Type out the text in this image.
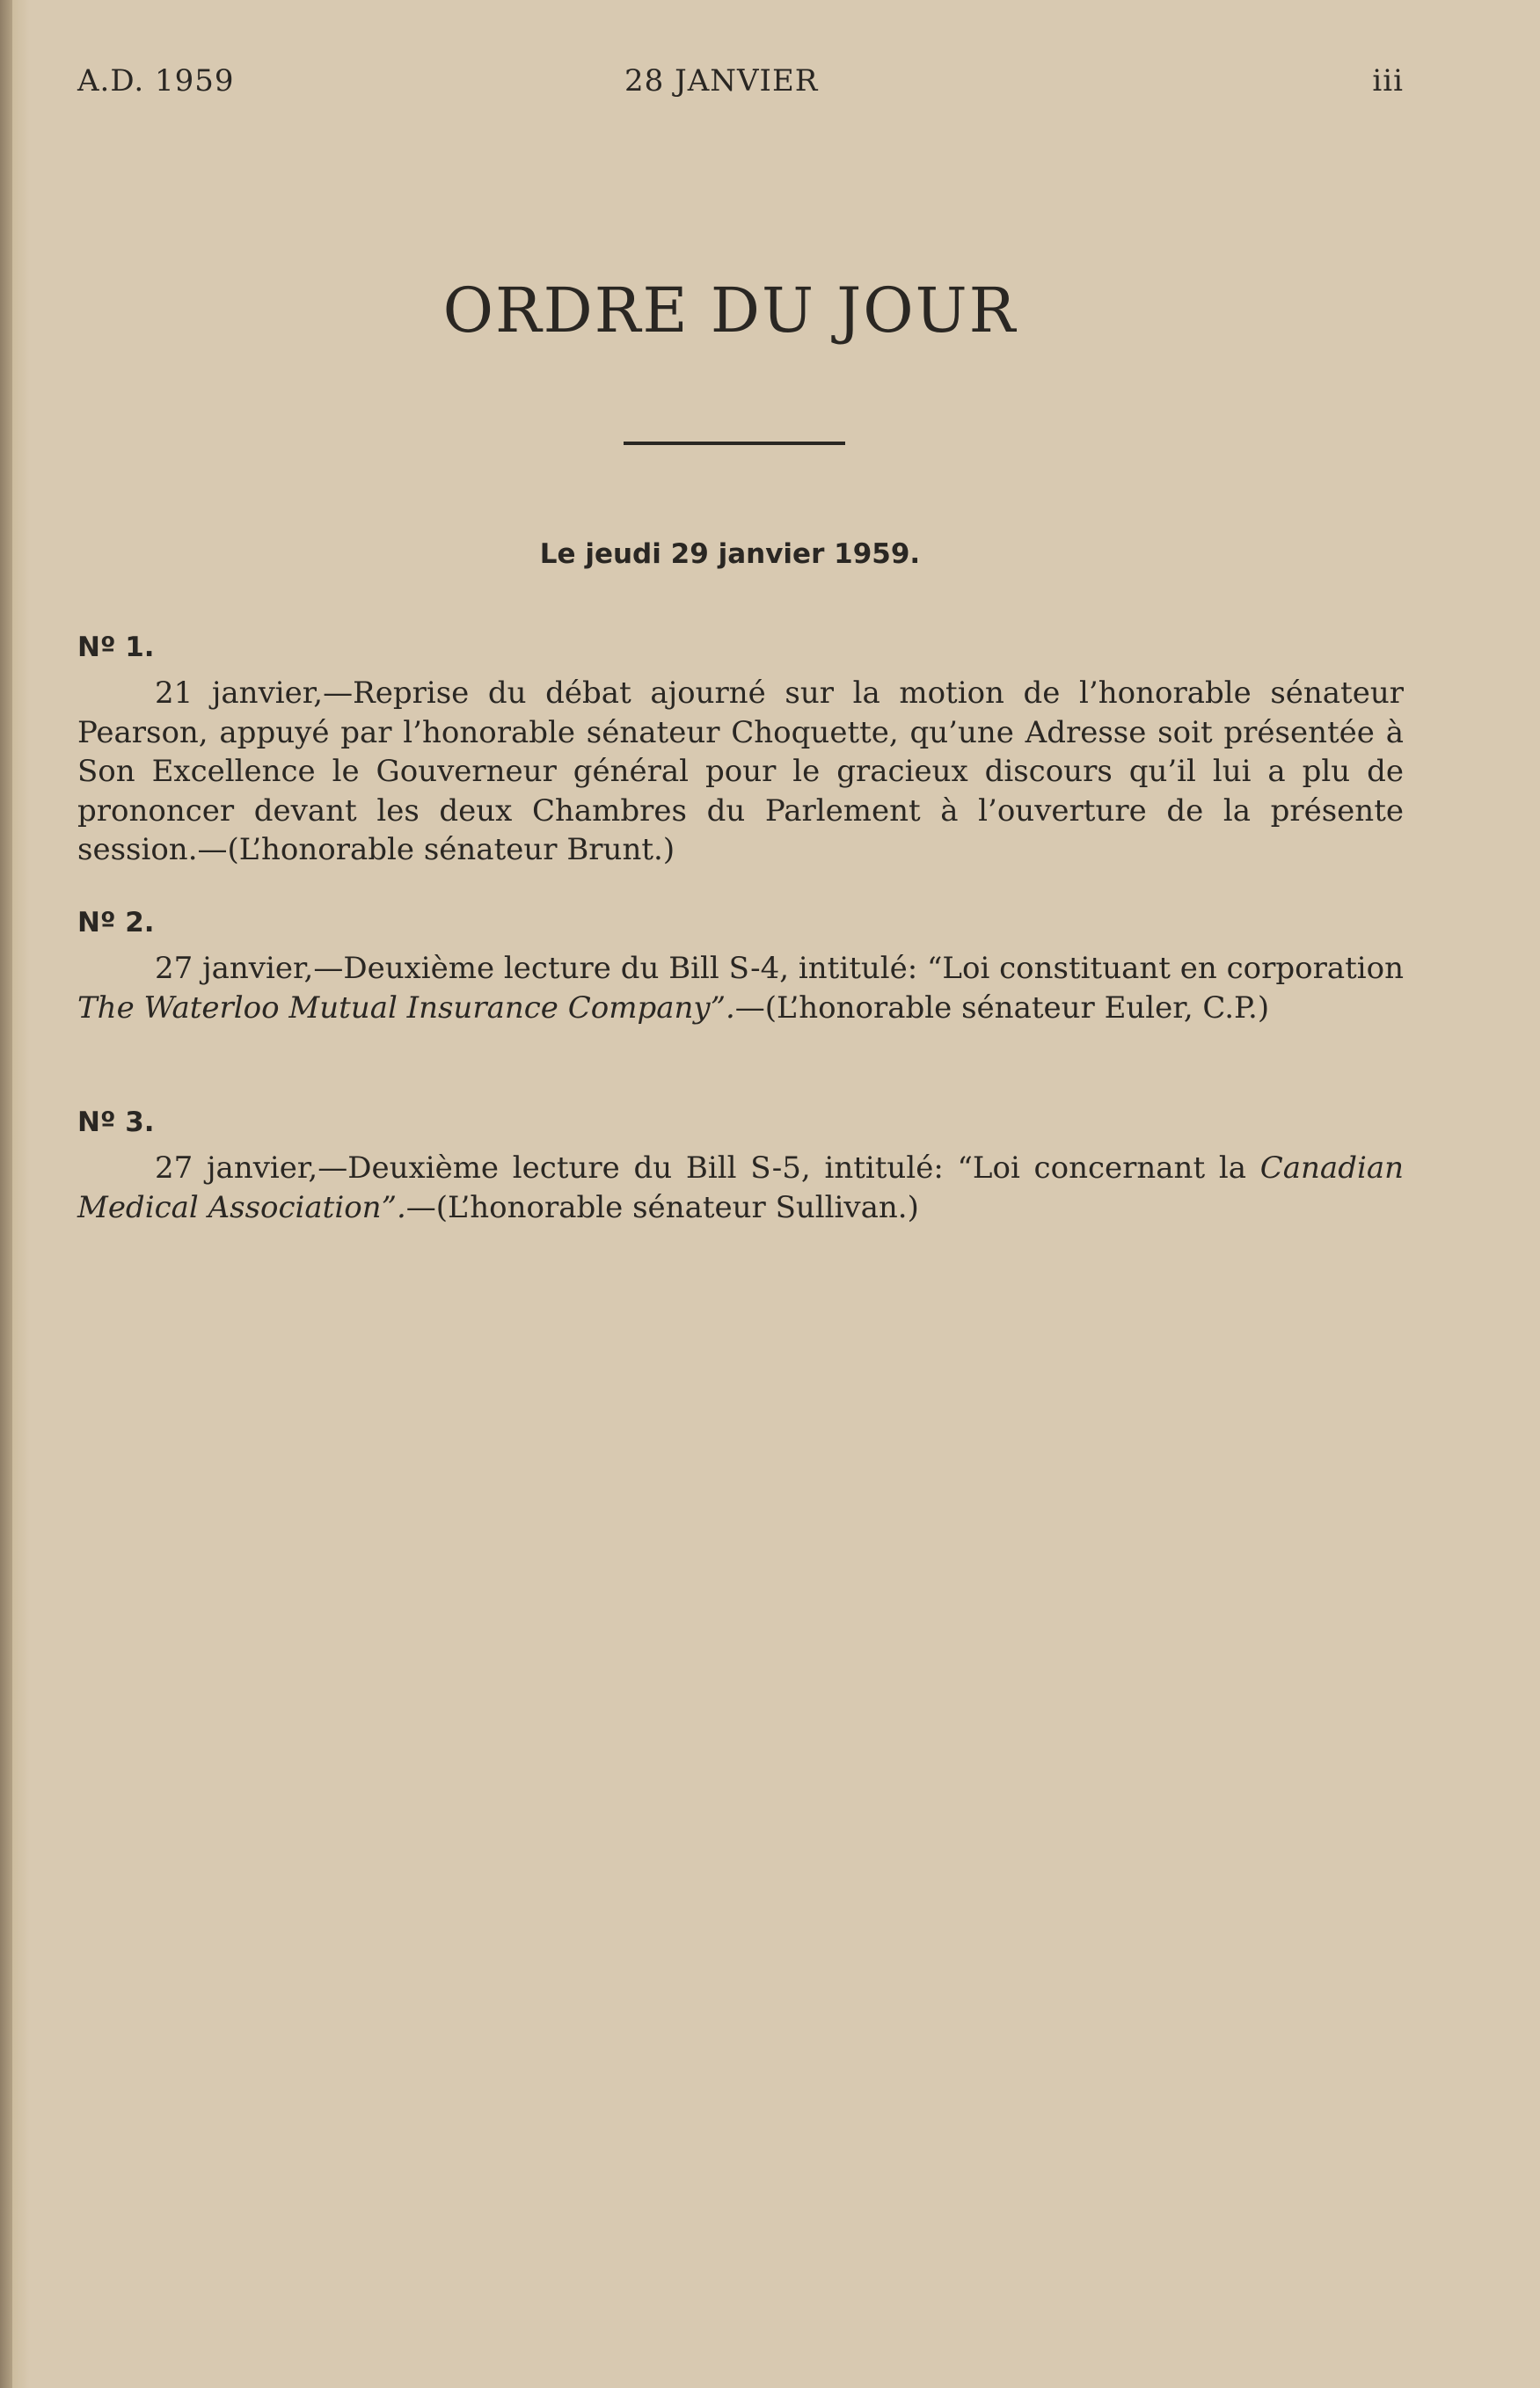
A.D. 1959	28 JANVIER	iii
ORDRE DU JOUR
Le jeudi 29 janvier 1959.
Nº 1.
21 janvier,—Reprise du débat ajourné sur la motion de l’honorable sénateur Pearson, appuyé par l’honorable sénateur Choquette, qu’une Adresse soit présentée à Son Excellence le Gouverneur général pour le gracieux discours qu’il lui a plu de prononcer devant les deux Chambres du Parlement à l’ouverture de la présente session.—(L’honorable sénateur Brunt.)
Nº 2.
27 janvier,—Deuxième lecture du Bill S-4, intitulé: “Loi constituant en corporation The Waterloo Mutual Insurance Company”.—(L’honorable sénateur Euler, C.P.)
Nº 3.
27 janvier,—Deuxième lecture du Bill S-5, intitulé: “Loi concernant la Canadian Medical Association”.—(L’honorable sénateur Sullivan.)
